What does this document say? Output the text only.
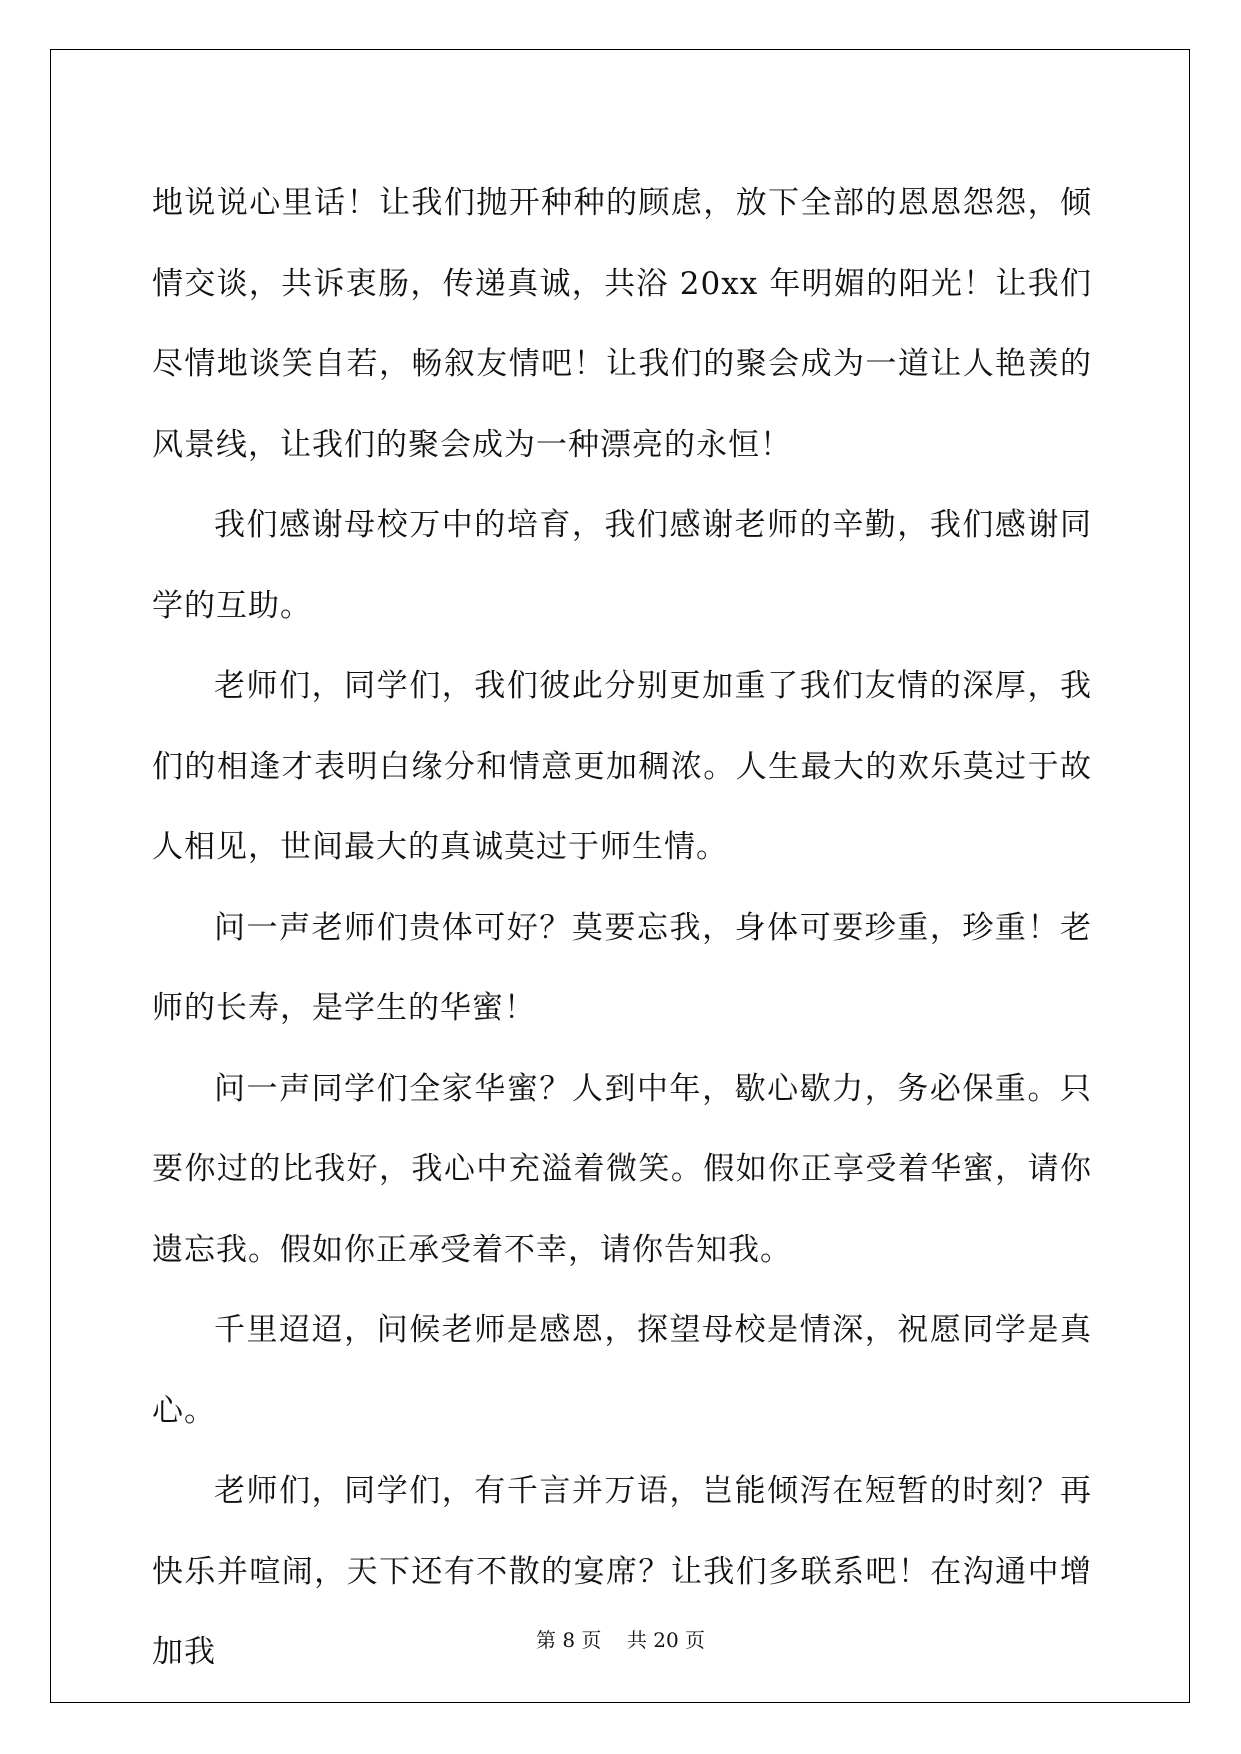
地说说心里话！让我们抛开种种的顾虑，放下全部的恩恩怨怨，倾情交谈，共诉衷肠，传递真诚，共浴 20xx 年明媚的阳光！让我们尽情地谈笑自若，畅叙友情吧！让我们的聚会成为一道让人艳羡的风景线，让我们的聚会成为一种漂亮的永恒！

我们感谢母校万中的培育，我们感谢老师的辛勤，我们感谢同学的互助。

老师们，同学们，我们彼此分别更加重了我们友情的深厚，我们的相逢才表明白缘分和情意更加稠浓。人生最大的欢乐莫过于故人相见，世间最大的真诚莫过于师生情。

问一声老师们贵体可好？莫要忘我，身体可要珍重，珍重！老师的长寿，是学生的华蜜！

问一声同学们全家华蜜？人到中年，歇心歇力，务必保重。只要你过的比我好，我心中充溢着微笑。假如你正享受着华蜜，请你遗忘我。假如你正承受着不幸，请你告知我。

千里迢迢，问候老师是感恩，探望母校是情深，祝愿同学是真心。

老师们，同学们，有千言并万语，岂能倾泻在短暂的时刻？再快乐并喧闹，天下还有不散的宴席？让我们多联系吧！在沟通中增加我	第 8 页 共 20 页
